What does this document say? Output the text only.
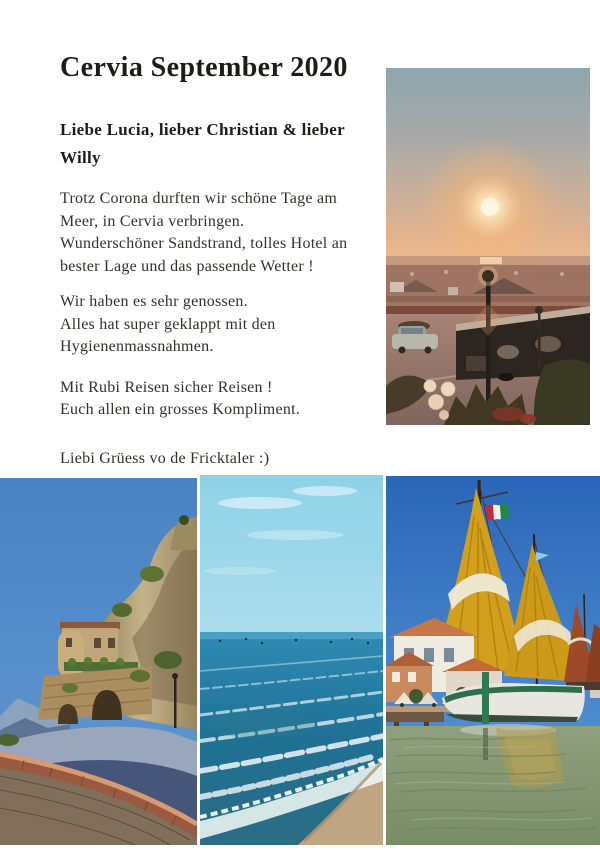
Cervia September 2020
Liebe Lucia, lieber Christian & lieber
Willy
Trotz Corona durften wir schöne Tage am
Meer, in Cervia verbringen.
Wunderschöner Sandstrand, tolles Hotel an
bester Lage und das passende Wetter !
Wir haben es sehr genossen.
Alles hat super geklappt mit den
Hygienenmassnahmen.
Mit Rubi Reisen sicher Reisen !
Euch allen ein grosses Kompliment.
Liebi Grüess vo de Fricktaler :)
